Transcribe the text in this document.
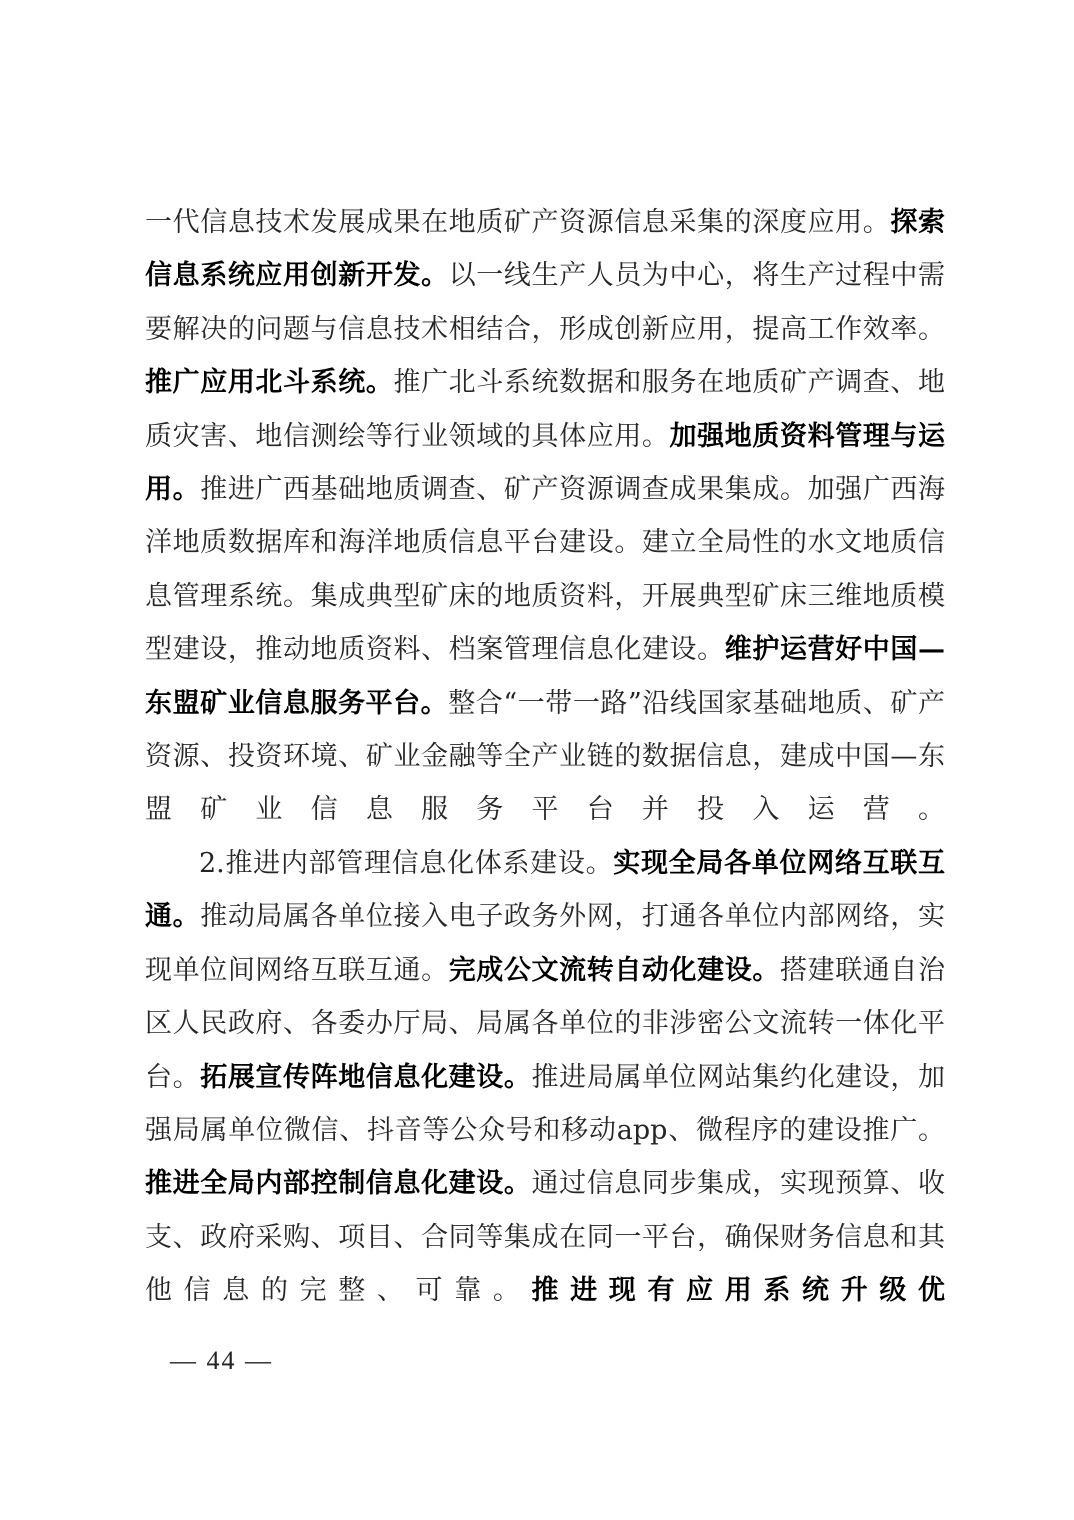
一代信息技术发展成果在地质矿产资源信息采集的深度应用。探索信息系统应用创新开发。以一线生产人员为中心，将生产过程中需要解决的问题与信息技术相结合，形成创新应用，提高工作效率。推广应用北斗系统。推广北斗系统数据和服务在地质矿产调查、地质灾害、地信测绘等行业领域的具体应用。加强地质资料管理与运用。推进广西基础地质调查、矿产资源调查成果集成。加强广西海洋地质数据库和海洋地质信息平台建设。建立全局性的水文地质信息管理系统。集成典型矿床的地质资料，开展典型矿床三维地质模型建设，推动地质资料、档案管理信息化建设。维护运营好中国—东盟矿业信息服务平台。整合“一带一路”沿线国家基础地质、矿产资源、投资环境、矿业金融等全产业链的数据信息，建成中国—东盟矿业信息服务平台并投入运营。

2.推进内部管理信息化体系建设。实现全局各单位网络互联互通。推动局属各单位接入电子政务外网，打通各单位内部网络，实现单位间网络互联互通。完成公文流转自动化建设。搭建联通自治区人民政府、各委办厅局、局属各单位的非涉密公文流转一体化平台。拓展宣传阵地信息化建设。推进局属单位网站集约化建设，加强局属单位微信、抖音等公众号和移动app、微程序的建设推广。推进全局内部控制信息化建设。通过信息同步集成，实现预算、收支、政府采购、项目、合同等集成在同一平台，确保财务信息和其他信息的完整、可靠。推进现有应用系统升级优

— 44 —
